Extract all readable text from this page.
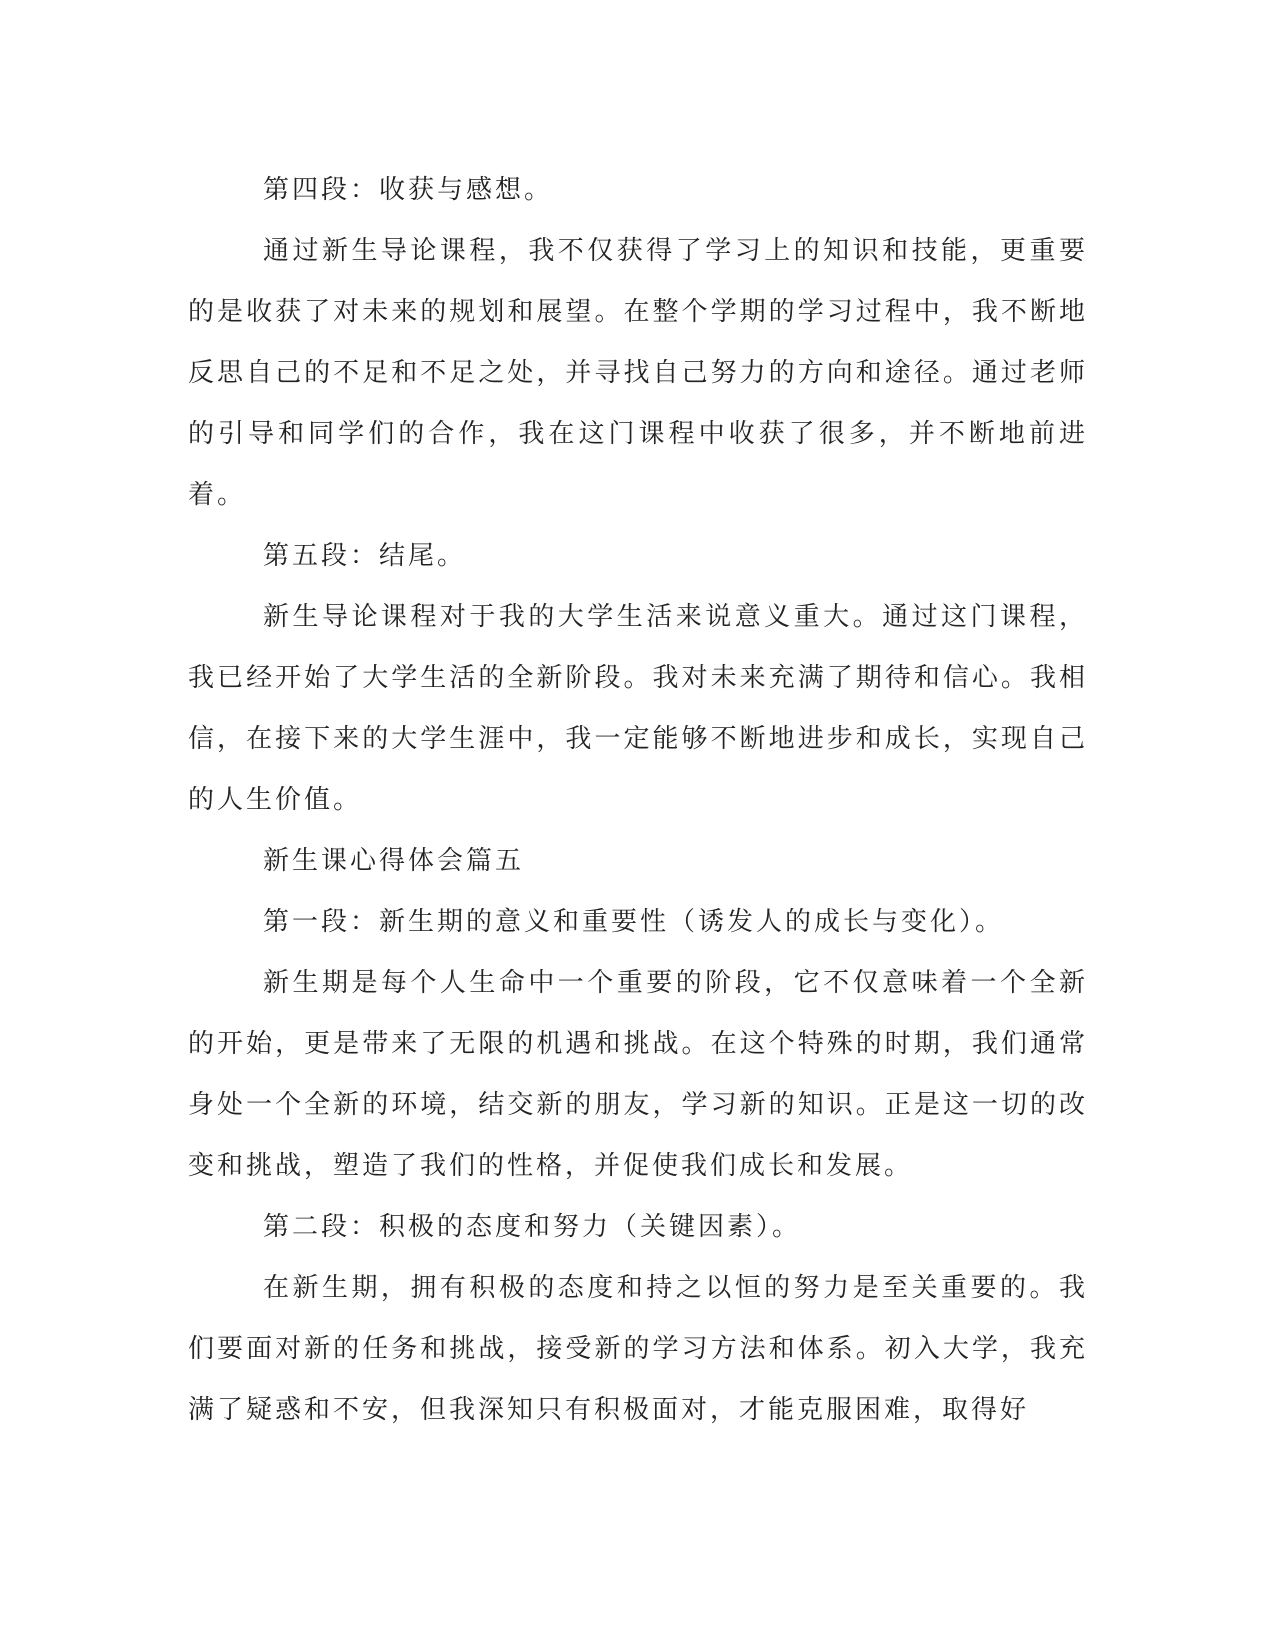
第四段：收获与感想。

通过新生导论课程，我不仅获得了学习上的知识和技能，更重要的是收获了对未来的规划和展望。在整个学期的学习过程中，我不断地反思自己的不足和不足之处，并寻找自己努力的方向和途径。通过老师的引导和同学们的合作，我在这门课程中收获了很多，并不断地前进着。

第五段：结尾。

新生导论课程对于我的大学生活来说意义重大。通过这门课程，我已经开始了大学生活的全新阶段。我对未来充满了期待和信心。我相信，在接下来的大学生涯中，我一定能够不断地进步和成长，实现自己的人生价值。

新生课心得体会篇五

第一段：新生期的意义和重要性（诱发人的成长与变化）。

新生期是每个人生命中一个重要的阶段，它不仅意味着一个全新的开始，更是带来了无限的机遇和挑战。在这个特殊的时期，我们通常身处一个全新的环境，结交新的朋友，学习新的知识。正是这一切的改变和挑战，塑造了我们的性格，并促使我们成长和发展。

第二段：积极的态度和努力（关键因素）。

在新生期，拥有积极的态度和持之以恒的努力是至关重要的。我们要面对新的任务和挑战，接受新的学习方法和体系。初入大学，我充满了疑惑和不安，但我深知只有积极面对，才能克服困难，取得好
